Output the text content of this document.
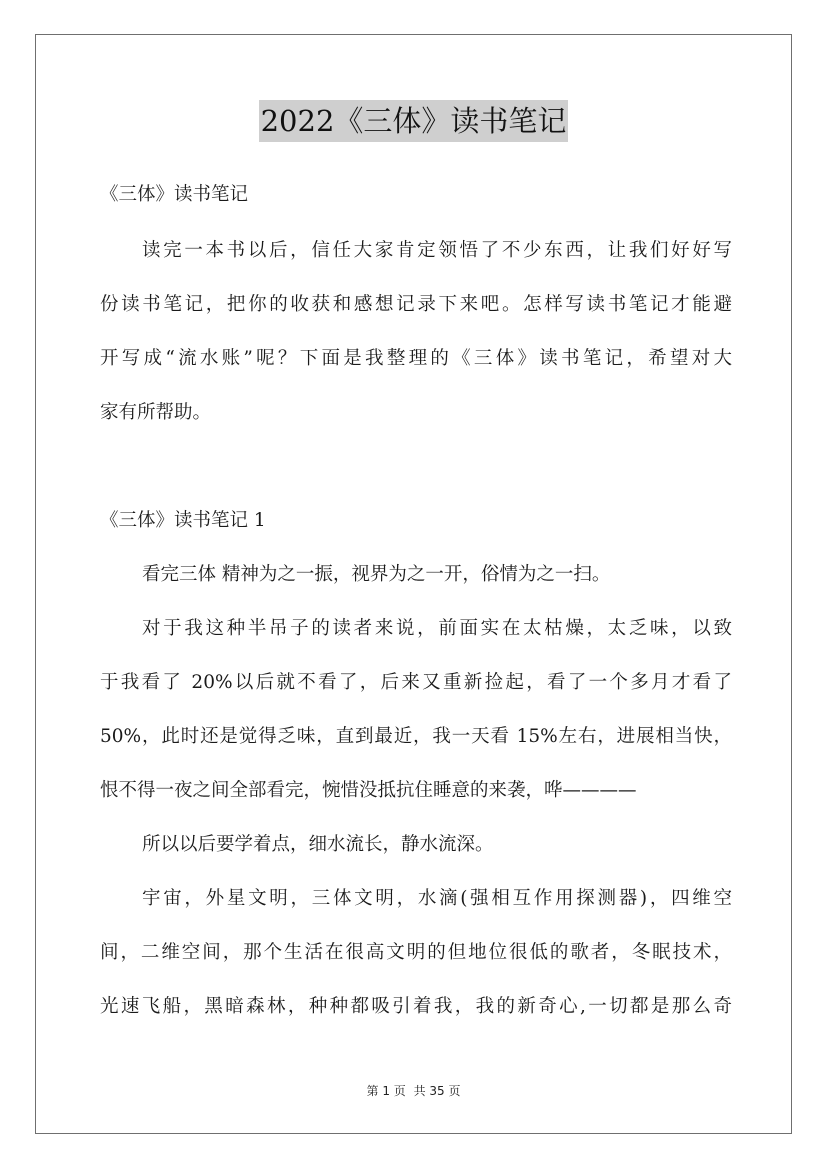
2022《三体》读书笔记
《三体》读书笔记
读完一本书以后，信任大家肯定领悟了不少东西，让我们好好写
份读书笔记，把你的收获和感想记录下来吧。怎样写读书笔记才能避
开写成“流水账”呢？下面是我整理的《三体》读书笔记，希望对大
家有所帮助。
《三体》读书笔记 1
看完三体 精神为之一振，视界为之一开，俗情为之一扫。
对于我这种半吊子的读者来说，前面实在太枯燥，太乏味，以致
于我看了 20%以后就不看了，后来又重新捡起，看了一个多月才看了
50%，此时还是觉得乏味，直到最近，我一天看 15%左右，进展相当快，
恨不得一夜之间全部看完，惋惜没抵抗住睡意的来袭，哗————
所以以后要学着点，细水流长，静水流深。
宇宙，外星文明，三体文明，水滴(强相互作用探测器)，四维空
间，二维空间，那个生活在很高文明的但地位很低的歌者，冬眠技术，
光速飞船，黑暗森林，种种都吸引着我，我的新奇心,一切都是那么奇
第 1 页 共 35 页
